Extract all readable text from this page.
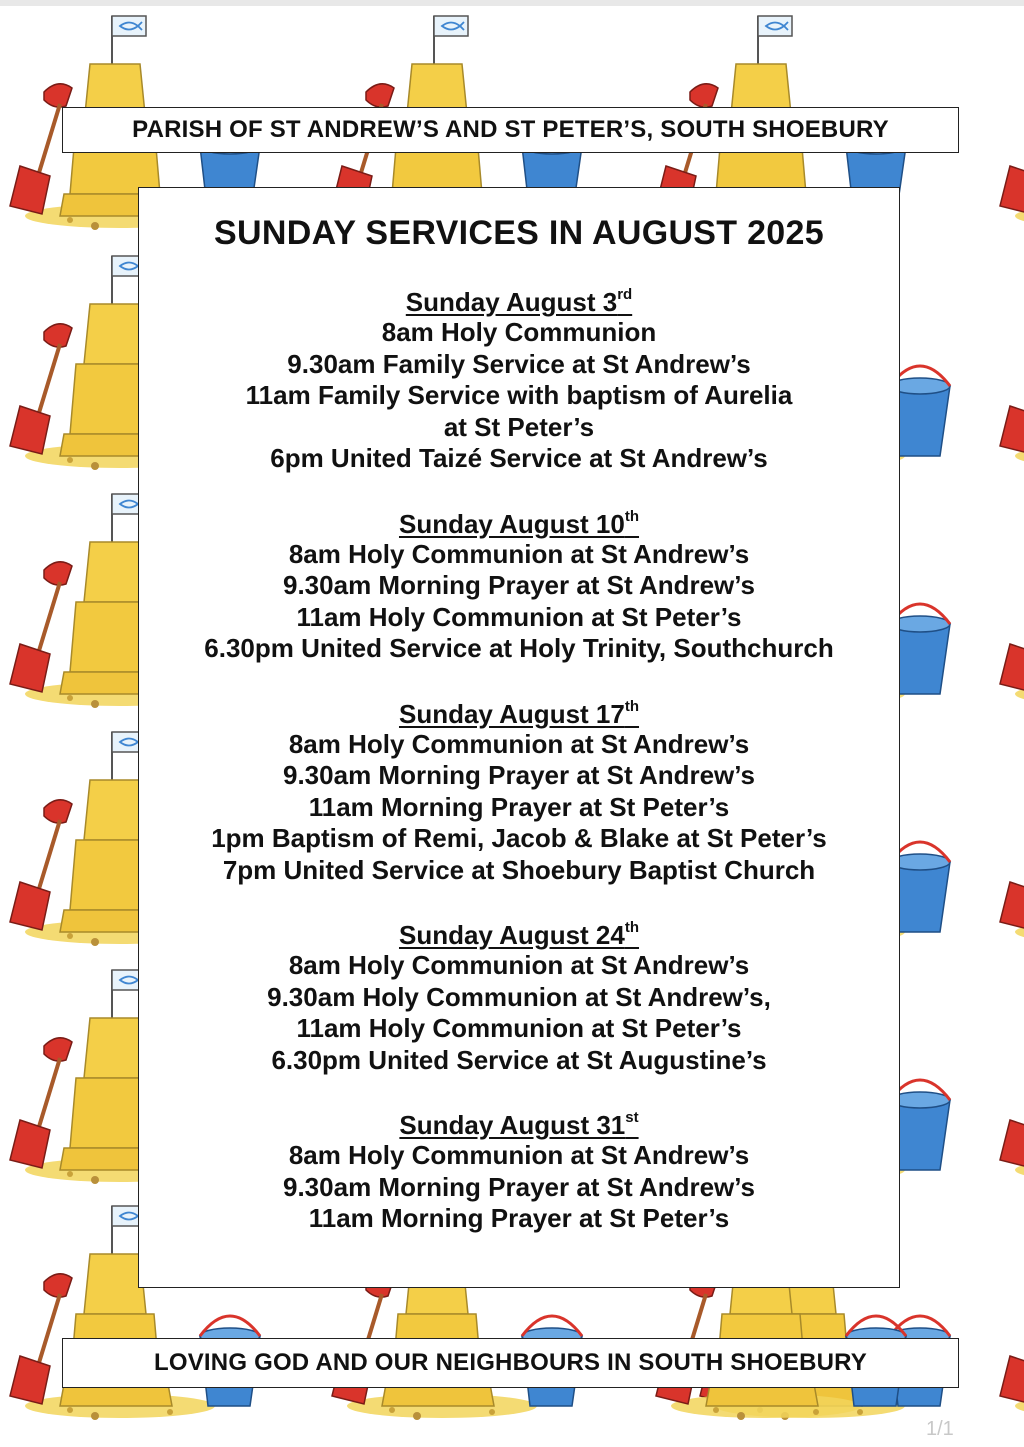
PARISH OF ST ANDREW’S AND ST PETER’S, SOUTH SHOEBURY
SUNDAY SERVICES IN AUGUST 2025
Sunday August 3rd
8am Holy Communion
9.30am Family Service at St Andrew’s
11am Family Service with baptism of Aurelia
at St Peter’s
6pm United Taizé Service at St Andrew’s
Sunday August 10th
8am Holy Communion at St Andrew’s
9.30am Morning Prayer at St Andrew’s
11am Holy Communion at St Peter’s
6.30pm United Service at Holy Trinity, Southchurch
Sunday August 17th
8am Holy Communion at St Andrew’s
9.30am Morning Prayer at St Andrew’s
11am Morning Prayer at St Peter’s
1pm Baptism of Remi, Jacob & Blake at St Peter’s
7pm United Service at Shoebury Baptist Church
Sunday August 24th
8am Holy Communion at St Andrew’s
9.30am Holy Communion at St Andrew’s,
11am Holy Communion at St Peter’s
6.30pm United Service at St Augustine’s
Sunday August 31st
8am Holy Communion at St Andrew’s
9.30am Morning Prayer at St Andrew’s
11am Morning Prayer at St Peter’s
LOVING GOD AND OUR NEIGHBOURS IN SOUTH SHOEBURY
1/1
